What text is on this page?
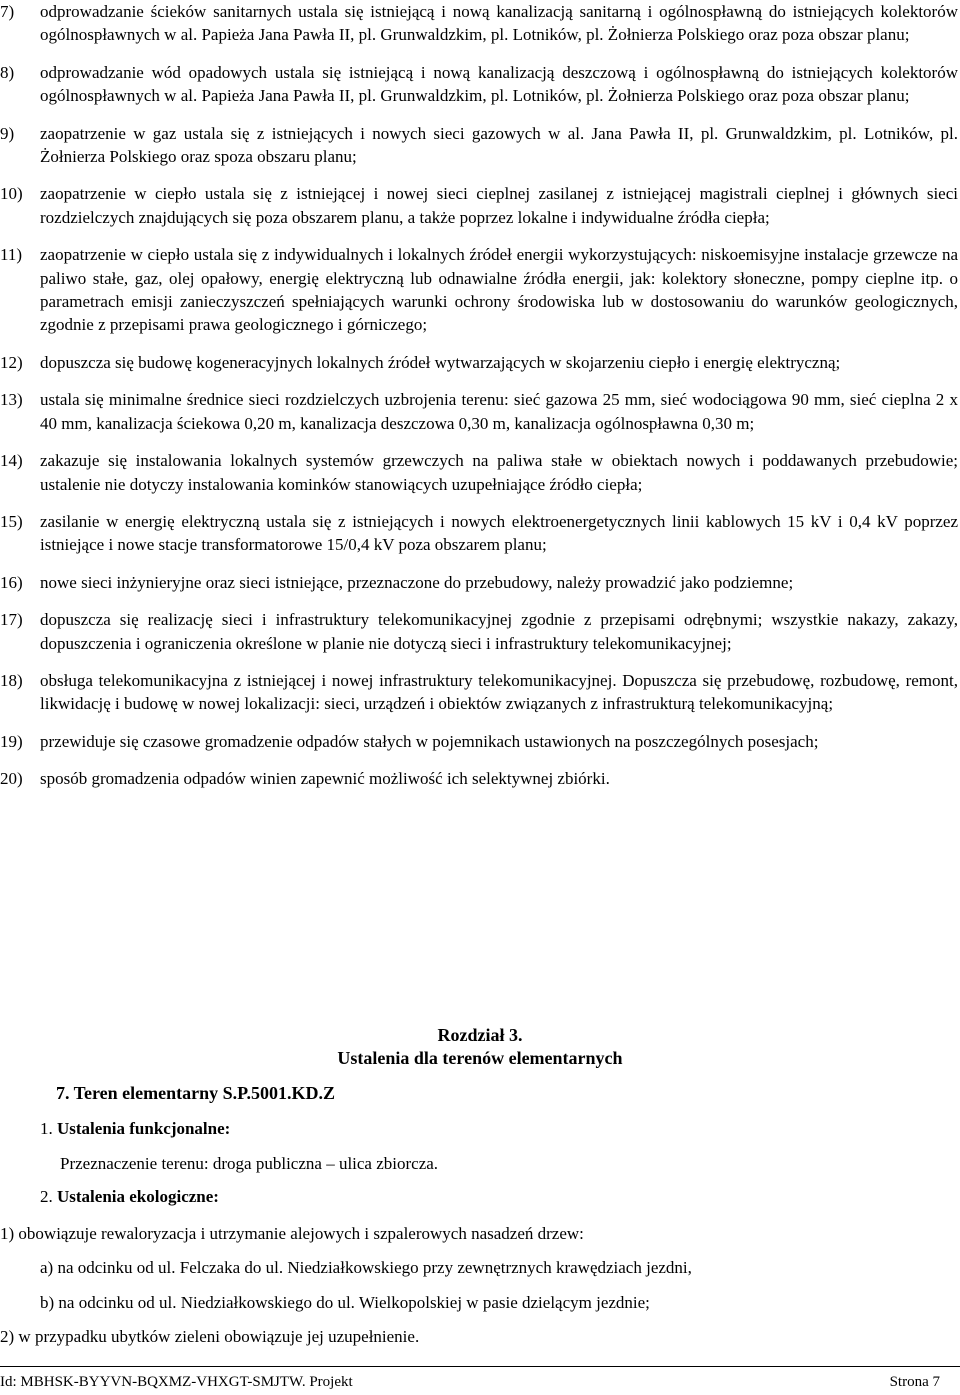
7) odprowadzanie ścieków sanitarnych ustala się istniejącą i nową kanalizacją sanitarną i ogólnospławną do istniejących kolektorów ogólnospławnych w al. Papieża Jana Pawła II, pl. Grunwaldzkim, pl. Lotników, pl. Żołnierza Polskiego oraz poza obszar planu;
8) odprowadzanie wód opadowych ustala się istniejącą i nową kanalizacją deszczową i ogólnospławną do istniejących kolektorów ogólnospławnych w al. Papieża Jana Pawła II, pl. Grunwaldzkim, pl. Lotników, pl. Żołnierza Polskiego oraz poza obszar planu;
9) zaopatrzenie w gaz ustala się z istniejących i nowych sieci gazowych w al. Jana Pawła II, pl. Grunwaldzkim, pl. Lotników, pl. Żołnierza Polskiego oraz spoza obszaru planu;
10) zaopatrzenie w ciepło ustala się z istniejącej i nowej sieci cieplnej zasilanej z istniejącej magistrali cieplnej i głównych sieci rozdzielczych znajdujących się poza obszarem planu, a także poprzez lokalne i indywidualne źródła ciepła;
11) zaopatrzenie w ciepło ustala się z indywidualnych i lokalnych źródeł energii wykorzystujących: niskoemisyjne instalacje grzewcze na paliwo stałe, gaz, olej opałowy, energię elektryczną lub odnawialne źródła energii, jak: kolektory słoneczne, pompy cieplne itp. o parametrach emisji zanieczyszczeń spełniających warunki ochrony środowiska lub w dostosowaniu do warunków geologicznych, zgodnie z przepisami prawa geologicznego i górniczego;
12) dopuszcza się budowę kogeneracyjnych lokalnych źródeł wytwarzających w skojarzeniu ciepło i energię elektryczną;
13) ustala się minimalne średnice sieci rozdzielczych uzbrojenia terenu: sieć gazowa 25 mm, sieć wodociągowa 90 mm, sieć cieplna 2 x 40 mm, kanalizacja ściekowa 0,20 m, kanalizacja deszczowa 0,30 m, kanalizacja ogólnospławna 0,30 m;
14) zakazuje się instalowania lokalnych systemów grzewczych na paliwa stałe w obiektach nowych i poddawanych przebudowie; ustalenie nie dotyczy instalowania kominków stanowiących uzupełniające źródło ciepła;
15) zasilanie w energię elektryczną ustala się z istniejących i nowych elektroenergetycznych linii kablowych 15 kV i 0,4 kV poprzez istniejące i nowe stacje transformatorowe 15/0,4 kV poza obszarem planu;
16) nowe sieci inżynieryjne oraz sieci istniejące, przeznaczone do przebudowy, należy prowadzić jako podziemne;
17) dopuszcza się realizację sieci i infrastruktury telekomunikacyjnej zgodnie z przepisami odrębnymi; wszystkie nakazy, zakazy, dopuszczenia i ograniczenia określone w planie nie dotyczą sieci i infrastruktury telekomunikacyjnej;
18) obsługa telekomunikacyjna z istniejącej i nowej infrastruktury telekomunikacyjnej. Dopuszcza się przebudowę, rozbudowę, remont, likwidację i budowę w nowej lokalizacji: sieci, urządzeń i obiektów związanych z infrastrukturą telekomunikacyjną;
19) przewiduje się czasowe gromadzenie odpadów stałych w pojemnikach ustawionych na poszczególnych posesjach;
20) sposób gromadzenia odpadów winien zapewnić możliwość ich selektywnej zbiórki.
Rozdział 3.
Ustalenia dla terenów elementarnych
7. Teren elementarny S.P.5001.KD.Z
1. Ustalenia funkcjonalne:
Przeznaczenie terenu: droga publiczna – ulica zbiorcza.
2. Ustalenia ekologiczne:
1) obowiązuje rewaloryzacja i utrzymanie alejowych i szpalerowych nasadzeń drzew:
a) na odcinku od ul. Felczaka do ul. Niedziałkowskiego przy zewnętrznych krawędziach jezdni,
b) na odcinku od ul. Niedziałkowskiego do ul. Wielkopolskiej w pasie dzielącym jezdnie;
2) w przypadku ubytków zieleni obowiązuje jej uzupełnienie.
Id: MBHSK-BYYVN-BQXMZ-VHXGT-SMJTW. Projekt	Strona 7
